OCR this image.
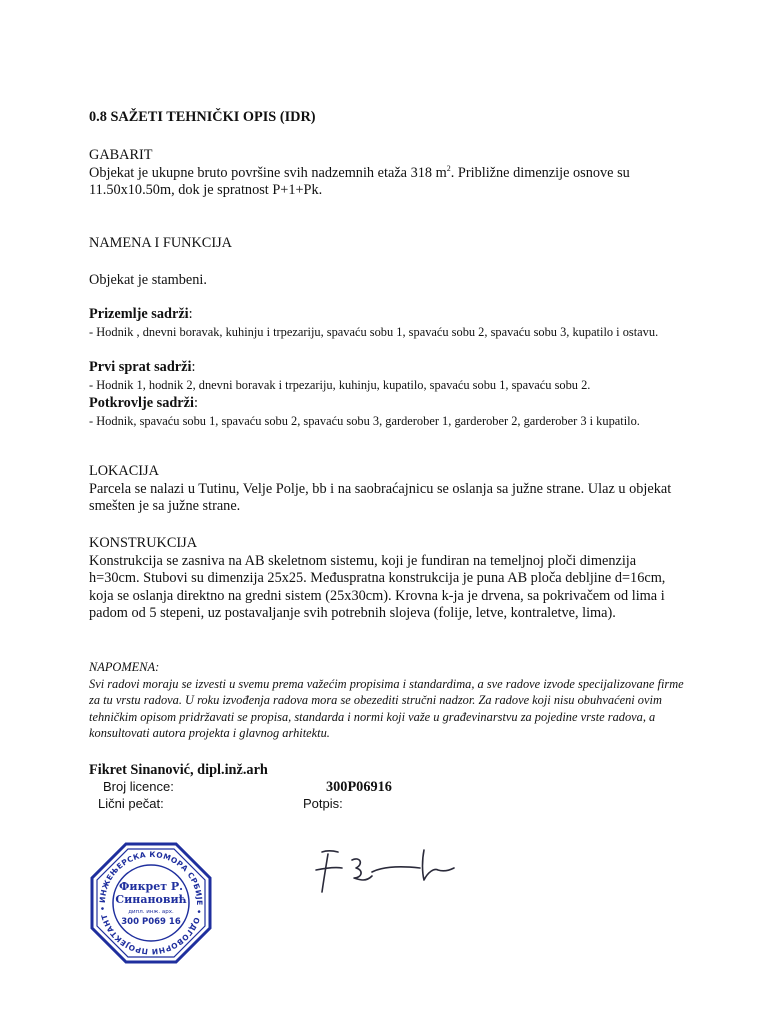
0.8 SAŽETI TEHNIČKI OPIS (IDR)

GABARIT

Objekat je ukupne bruto površine svih nadzemnih etaža 318 $m^2$. Približne dimenzije osnove su 11.50x10.50m, dok je spratnost P+1+Pk.

NAMENA I FUNKCIJA
Objekat je stambeni.
Prizemlje sadrži:
- Hodnik , dnevni boravak, kuhinju i trpezariju, spavaću sobu 1, spavaću sobu 2, spavaću sobu 3, kupatilo i ostavu.
Prvi sprat sadrži:
- Hodnik 1, hodnik 2, dnevni boravak i trpezariju, kuhinju, kupatilo, spavaću sobu 1, spavaću sobu 2.
Potkrovlje sadrži:
- Hodnik, spavaću sobu 1, spavaću sobu 2, spavaću sobu 3, garderober 1, garderober 2, garderober 3 i kupatilo.

LOKACIJA

Parcela se nalazi u Tutinu, Velje Polje, bb i na saobraćajnicu se oslanja sa južne strane. Ulaz u objekat smešten je sa južne strane.

KONSTRUKCIJA

Konstrukcija se zasniva na AB skeletnom sistemu, koji je fundiran na temeljnoj ploči dimenzija h=30cm. Stubovi su dimenzija 25x25. Međuspratna konstrukcija je puna AB ploča debljine d=16cm, koja se oslanja direktno na gredni sistem (25x30cm). Krovna k-ja je drvena, sa pokrivačem od lima i padom od 5 stepeni, uz postavaljanje svih potrebnih slojeva (folije, letve, kontraletve, lima).

NAPOMENA:

Svi radovi moraju se izvesti u svemu prema važećim propisima i standardima, a sve radove izvode specijalizovane firme za tu vrstu radova. U roku izvođenja radova mora se obezediti stručni nadzor. Za radove koji nisu obuhvaćeni ovim tehničkim opisom pridržavati se propisa, standarda i normi koji važe u građevinarstvu za pojedine vrste radova, a konsultovati autora projekta i glavnog arhitektu.

Fikret Sinanović, dipl.inž.arh
Broj licence:	300P06916
Lični pečat:	Potpis:
ИНЖЕЊЕРСКА КОМОРА СРБИЈЕ • ОДГОВОРНИ ПРОЈЕКТАНТ •
Фикрет Р.
Синановић
дипл. инж. арх.
300 P069 16
